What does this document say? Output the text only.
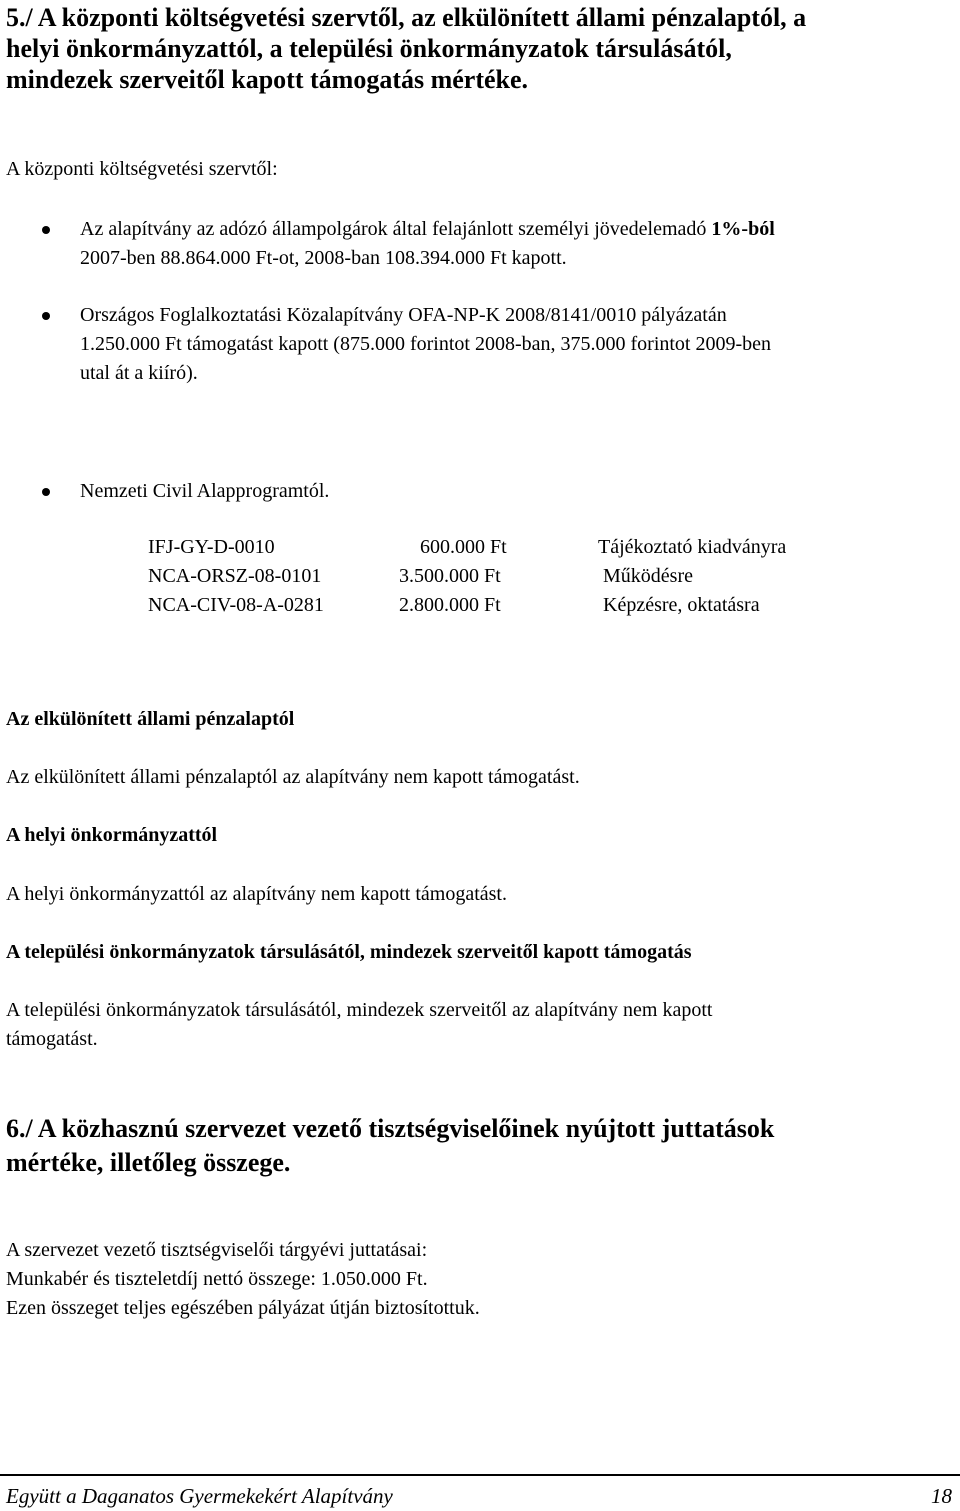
5./ A központi költségvetési szervtől, az elkülönített állami pénzalaptól, a
helyi önkormányzattól, a települési önkormányzatok társulásától,
mindezek szerveitől kapott támogatás mértéke.
A központi költségvetési szervtől:
Az alapítvány az adózó állampolgárok által felajánlott személyi jövedelemadó 1%-ból
2007-ben 88.864.000 Ft-ot, 2008-ban 108.394.000 Ft kapott.
Országos Foglalkoztatási Közalapítvány OFA-NP-K 2008/8141/0010 pályázatán
1.250.000 Ft támogatást kapott (875.000 forintot 2008-ban, 375.000 forintot 2009-ben
utal át a kiíró).
Nemzeti Civil Alapprogramtól.
IFJ-GY-D-0010	600.000 Ft	Tájékoztató kiadványra
NCA-ORSZ-08-0101	3.500.000 Ft	Működésre
NCA-CIV-08-A-0281	2.800.000 Ft	Képzésre, oktatásra
Az elkülönített állami pénzalaptól
Az elkülönített állami pénzalaptól az alapítvány nem kapott támogatást.
A helyi önkormányzattól
A helyi önkormányzattól az alapítvány nem kapott támogatást.
A települési önkormányzatok társulásától, mindezek szerveitől kapott támogatás
A települési önkormányzatok társulásától, mindezek szerveitől az alapítvány nem kapott
támogatást.
6./ A közhasznú szervezet vezető tisztségviselőinek nyújtott juttatások
mértéke, illetőleg összege.
A szervezet vezető tisztségviselői tárgyévi juttatásai:
Munkabér és tiszteletdíj nettó összege: 1.050.000 Ft.
Ezen összeget teljes egészében pályázat útján biztosítottuk.
Együtt a Daganatos Gyermekekért Alapítvány	18
